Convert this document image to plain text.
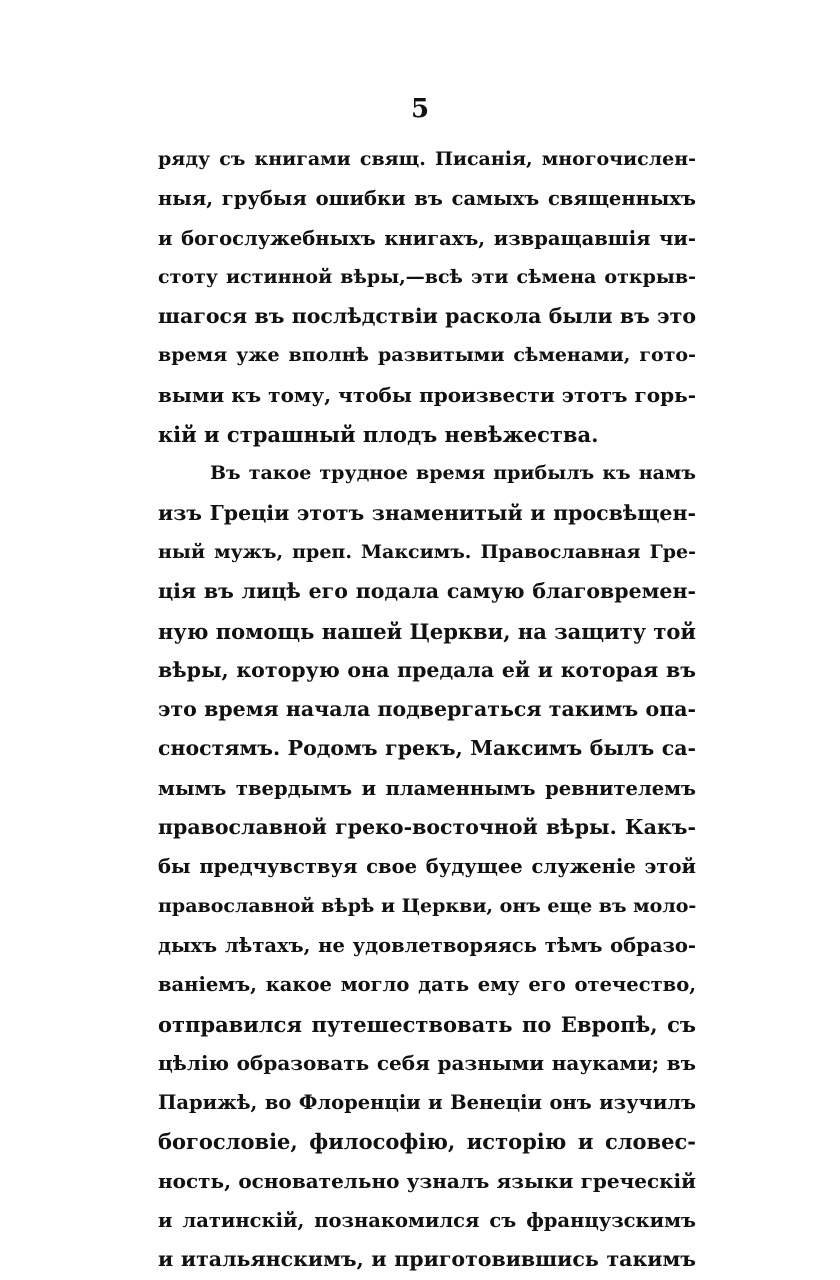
5
ряду съ книгами свящ. Писанія, многочислен-
ныя, грубыя ошибки въ самыхъ священныхъ
и богослужебныхъ книгахъ, извращавшія чи-
стоту истинной вѣры,—всѣ эти сѣмена открыв-
шагося въ послѣдствіи раскола были въ это
время уже вполнѣ развитыми сѣменами, гото-
выми къ тому, чтобы произвести этотъ горь-
кій и страшный плодъ невѣжества.
Въ такое трудное время прибылъ къ намъ
изъ Греціи этотъ знаменитый и просвѣщен-
ный мужъ, преп. Максимъ. Православная Гре-
ція въ лицѣ его подала самую благовремен-
ную помощь нашей Церкви, на защиту той
вѣры, которую она предала ей и которая въ
это время начала подвергаться такимъ опа-
сностямъ. Родомъ грекъ, Максимъ былъ са-
мымъ твердымъ и пламеннымъ ревнителемъ
православной греко-восточной вѣры. Какъ-
бы предчувствуя свое будущее служеніе этой
православной вѣрѣ и Церкви, онъ еще въ моло-
дыхъ лѣтахъ, не удовлетворяясь тѣмъ образо-
ваніемъ, какое могло дать ему его отечество,
отправился путешествовать по Европѣ, съ
цѣлію образовать себя разными науками; въ
Парижѣ, во Флоренціи и Венеціи онъ изучилъ
богословіе, философію, исторію и словес-
ность, основательно узналъ языки греческій
и латинскій, познакомился съ французскимъ
и итальянскимъ, и приготовившись такимъ
